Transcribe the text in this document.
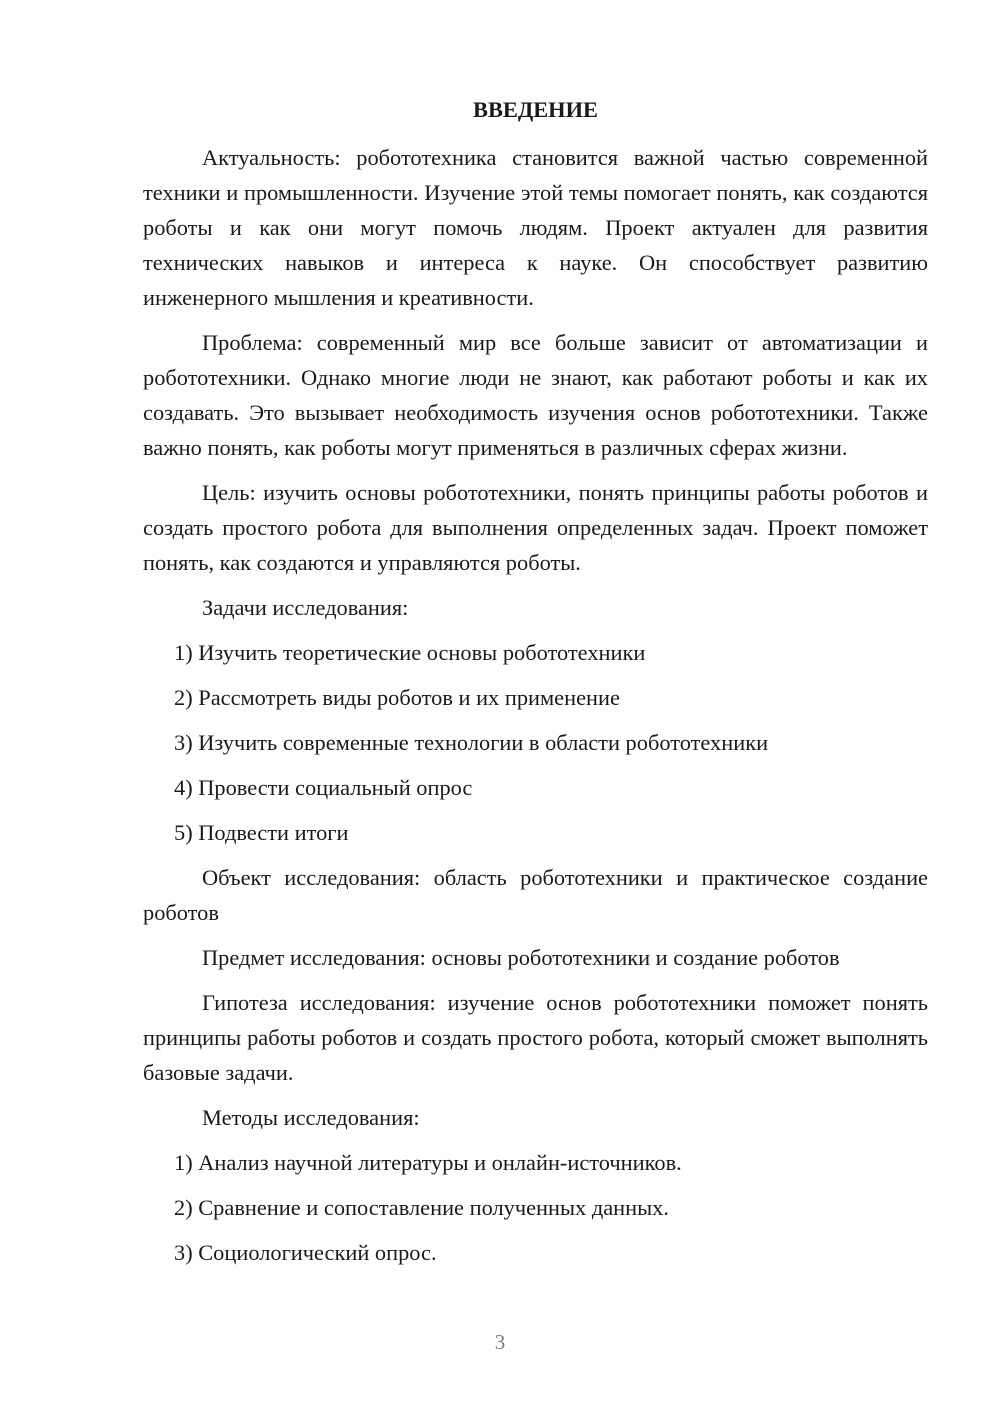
ВВЕДЕНИЕ

Актуальность: робототехника становится важной частью современной техники и промышленности. Изучение этой темы помогает понять, как создаются роботы и как они могут помочь людям. Проект актуален для развития технических навыков и интереса к науке. Он способствует развитию инженерного мышления и креативности.

Проблема: современный мир все больше зависит от автоматизации и робототехники. Однако многие люди не знают, как работают роботы и как их создавать. Это вызывает необходимость изучения основ робототехники. Также важно понять, как роботы могут применяться в различных сферах жизни.

Цель: изучить основы робототехники, понять принципы работы роботов и создать простого робота для выполнения определенных задач. Проект поможет понять, как создаются и управляются роботы.

Задачи исследования:

1) Изучить теоретические основы робототехники

2) Рассмотреть виды роботов и их применение

3) Изучить современные технологии в области робототехники

4) Провести социальный опрос

5) Подвести итоги

Объект исследования: область робототехники и практическое создание роботов

Предмет исследования: основы робототехники и создание роботов

Гипотеза исследования: изучение основ робототехники поможет понять принципы работы роботов и создать простого робота, который сможет выполнять базовые задачи.

Методы исследования:

1) Анализ научной литературы и онлайн-источников.

2) Сравнение и сопоставление полученных данных.

3) Социологический опрос.

3
